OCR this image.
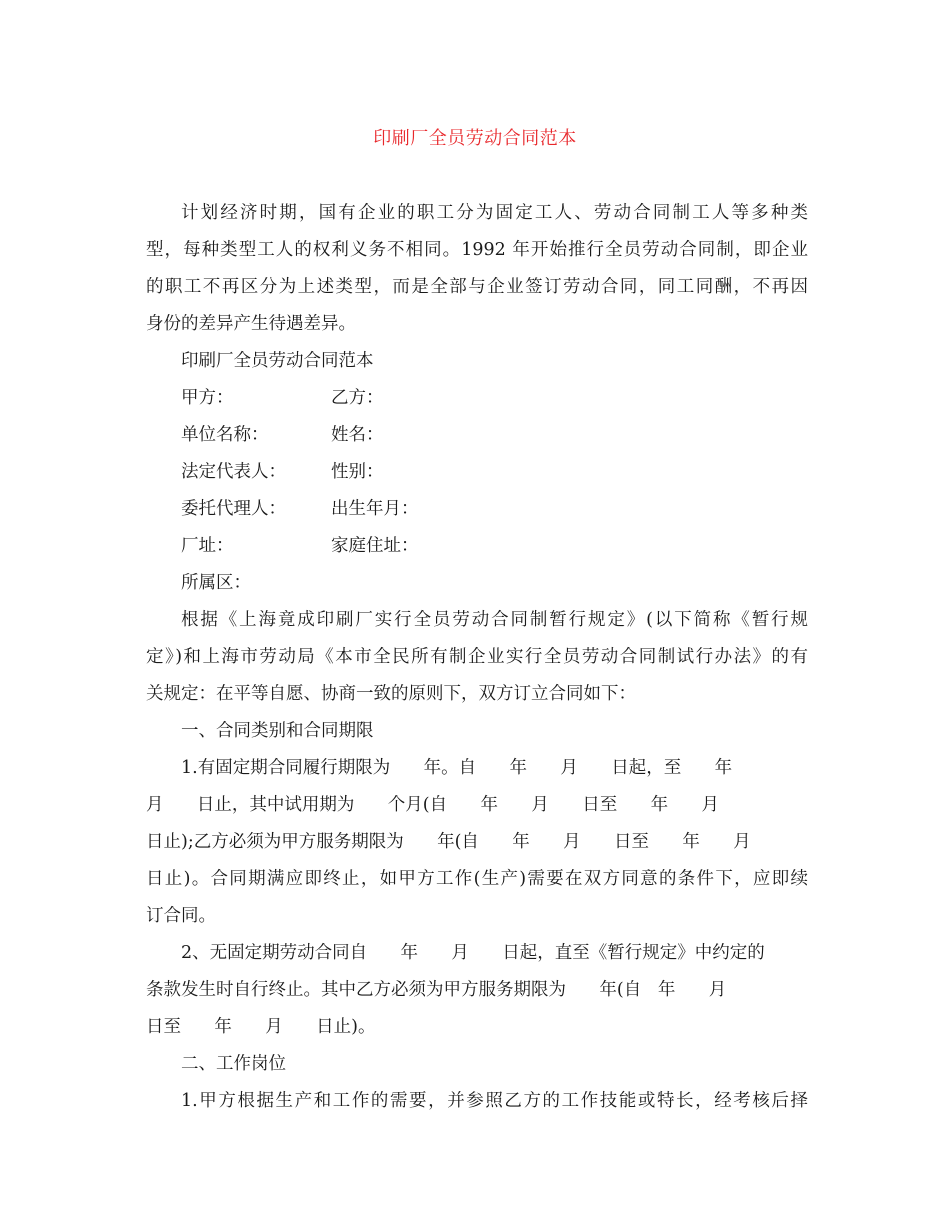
印刷厂全员劳动合同范本

计划经济时期，国有企业的职工分为固定工人、劳动合同制工人等多种类

型，每种类型工人的权利义务不相同。1992 年开始推行全员劳动合同制，即企业

的职工不再区分为上述类型，而是全部与企业签订劳动合同，同工同酬，不再因

身份的差异产生待遇差异。

印刷厂全员劳动合同范本

甲方：	乙方：
单位名称：	姓名：
法定代表人：	性别：
委托代理人：	出生年月：
厂址：	家庭住址：
所属区：

根据《上海竟成印刷厂实行全员劳动合同制暂行规定》(以下简称《暂行规

定》)和上海市劳动局《本市全民所有制企业实行全员劳动合同制试行办法》的有

关规定：在平等自愿、协商一致的原则下，双方订立合同如下：

一、合同类别和合同期限

1.有固定期合同履行期限为      年。自      年      月      日起，至      年

月      日止，其中试用期为      个月(自      年      月      日至      年      月

日止);乙方必须为甲方服务期限为      年(自      年      月      日至      年      月

日止)。合同期满应即终止，如甲方工作(生产)需要在双方同意的条件下，应即续

订合同。

2、无固定期劳动合同自      年      月      日起，直至《暂行规定》中约定的

条款发生时自行终止。其中乙方必须为甲方服务期限为      年(自   年      月

日至      年      月      日止)。

二、工作岗位

1.甲方根据生产和工作的需要，并参照乙方的工作技能或特长，经考核后择
